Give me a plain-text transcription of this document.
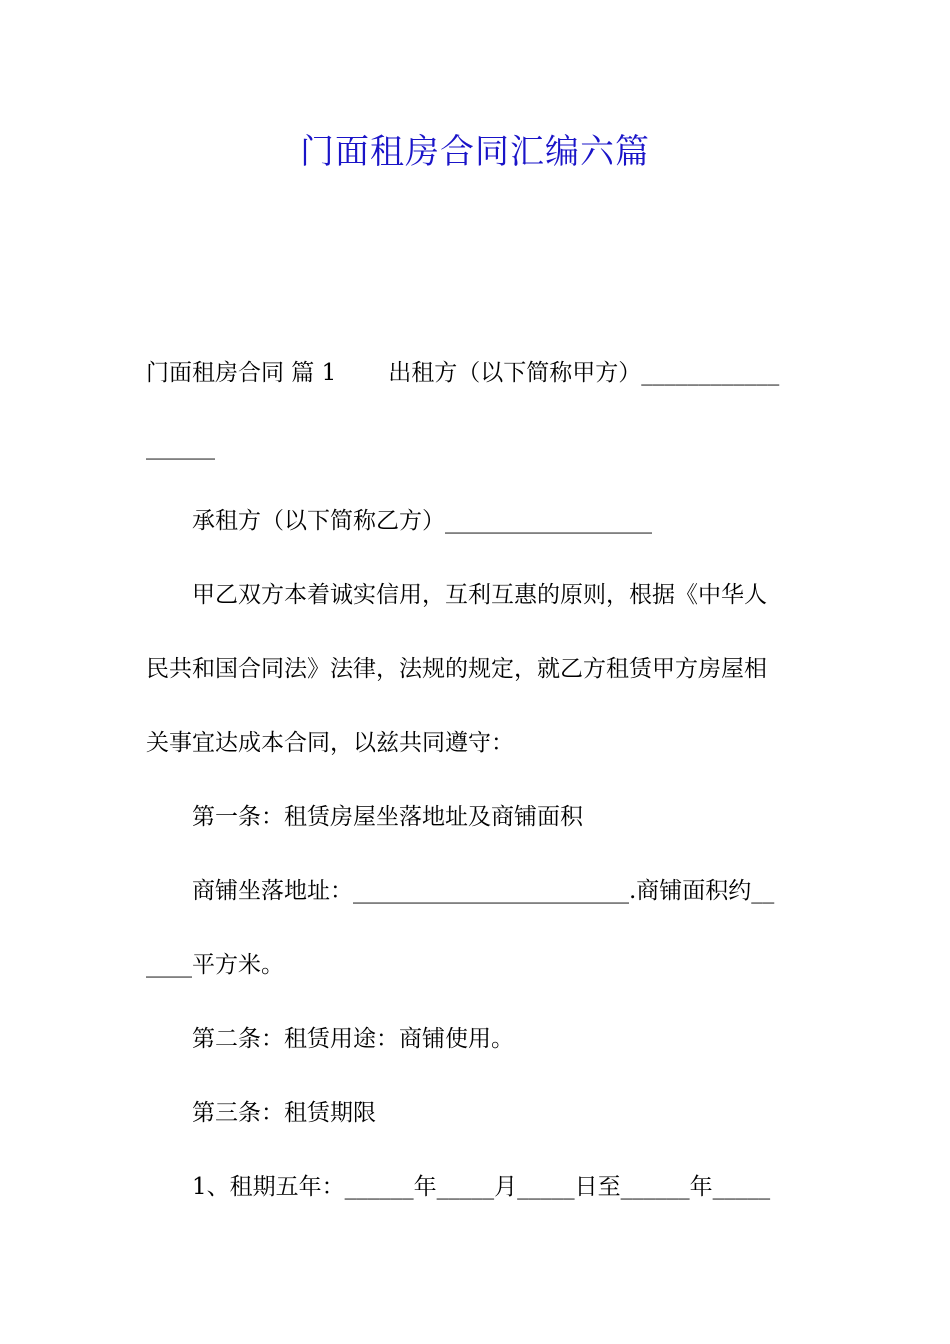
门面租房合同汇编六篇
门面租房合同 篇 1 出租方（以下简称甲方）____________
______
承租方（以下简称乙方）__________________
甲乙双方本着诚实信用，互利互惠的原则，根据《中华人
民共和国合同法》法律，法规的规定，就乙方租赁甲方房屋相
关事宜达成本合同，以兹共同遵守：
第一条：租赁房屋坐落地址及商铺面积
商铺坐落地址：________________________.商铺面积约__
____平方米。
第二条：租赁用途：商铺使用。
第三条：租赁期限
1、租期五年：______年_____月_____日至______年_____
